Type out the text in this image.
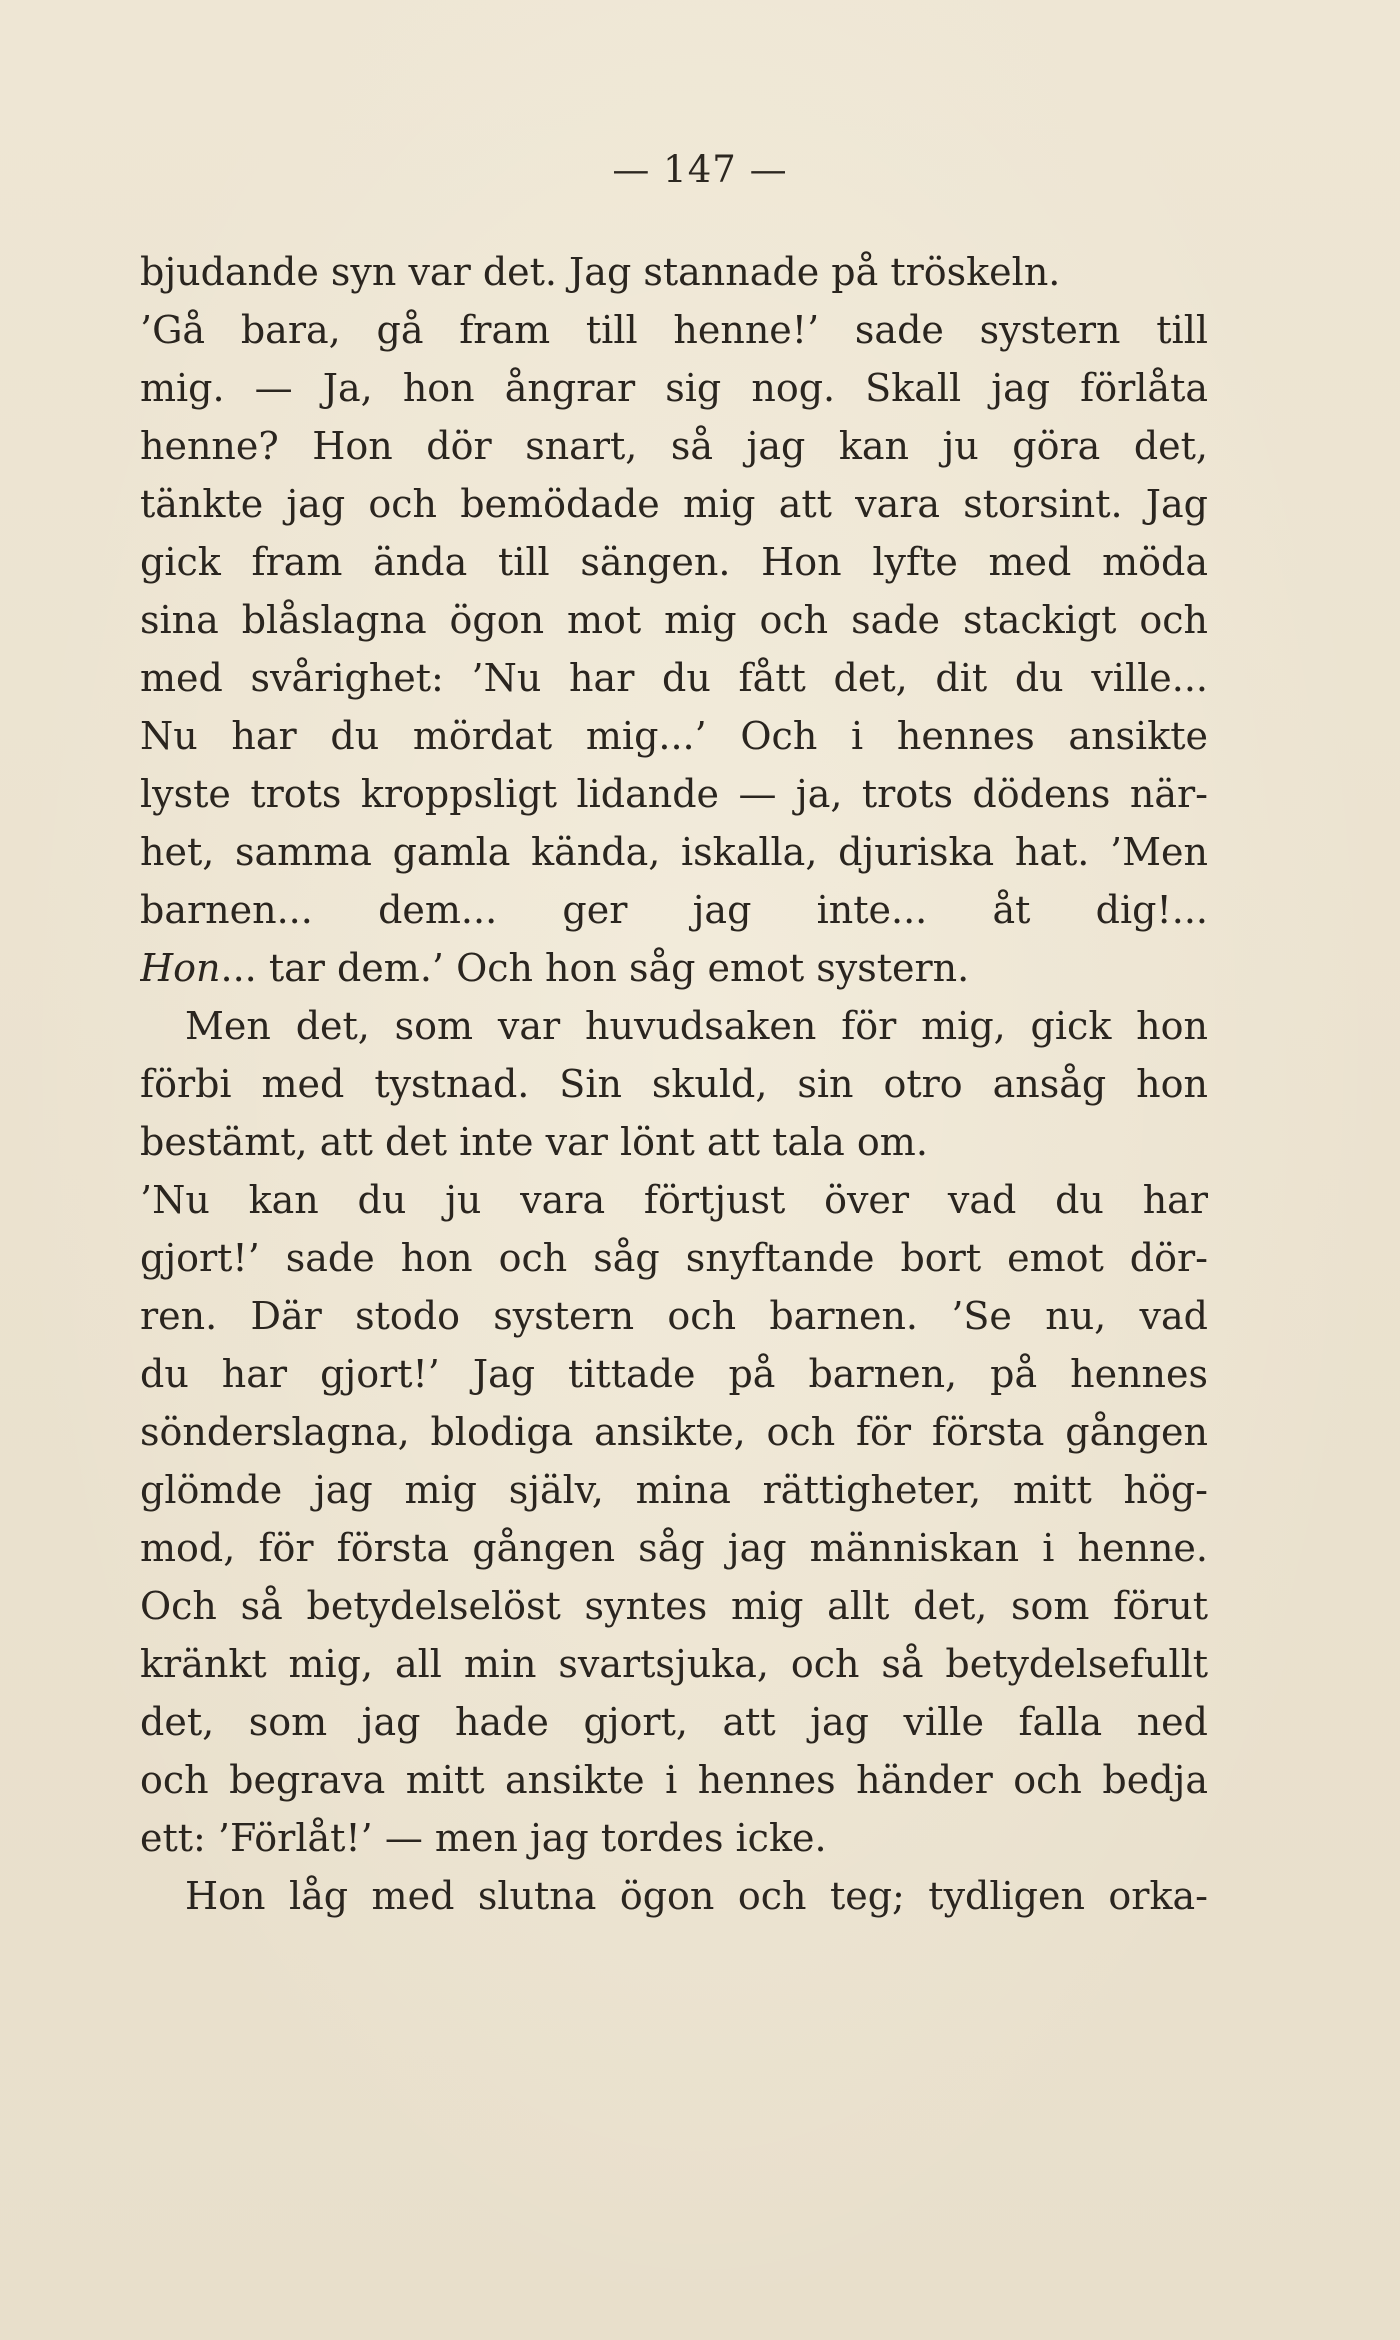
— 147 —
bjudande syn var det. Jag stannade på tröskeln.
’Gå bara, gå fram till henne!’ sade systern till
mig. — Ja, hon ångrar sig nog. Skall jag förlåta
henne? Hon dör snart, så jag kan ju göra det,
tänkte jag och bemödade mig att vara storsint. Jag
gick fram ända till sängen. Hon lyfte med möda
sina blåslagna ögon mot mig och sade stackigt och
med svårighet: ’Nu har du fått det, dit du ville...
Nu har du mördat mig...’ Och i hennes ansikte
lyste trots kroppsligt lidande — ja, trots dödens när-
het, samma gamla kända, iskalla, djuriska hat. ’Men
barnen... dem... ger jag inte... åt dig!...
Hon... tar dem.’ Och hon såg emot systern.
Men det, som var huvudsaken för mig, gick hon
förbi med tystnad. Sin skuld, sin otro ansåg hon
bestämt, att det inte var lönt att tala om.
’Nu kan du ju vara förtjust över vad du har
gjort!’ sade hon och såg snyftande bort emot dör-
ren. Där stodo systern och barnen. ’Se nu, vad
du har gjort!’ Jag tittade på barnen, på hennes
sönderslagna, blodiga ansikte, och för första gången
glömde jag mig själv, mina rättigheter, mitt hög-
mod, för första gången såg jag människan i henne.
Och så betydelselöst syntes mig allt det, som förut
kränkt mig, all min svartsjuka, och så betydelsefullt
det, som jag hade gjort, att jag ville falla ned
och begrava mitt ansikte i hennes händer och bedja
ett: ’Förlåt!’ — men jag tordes icke.
Hon låg med slutna ögon och teg; tydligen orka-
